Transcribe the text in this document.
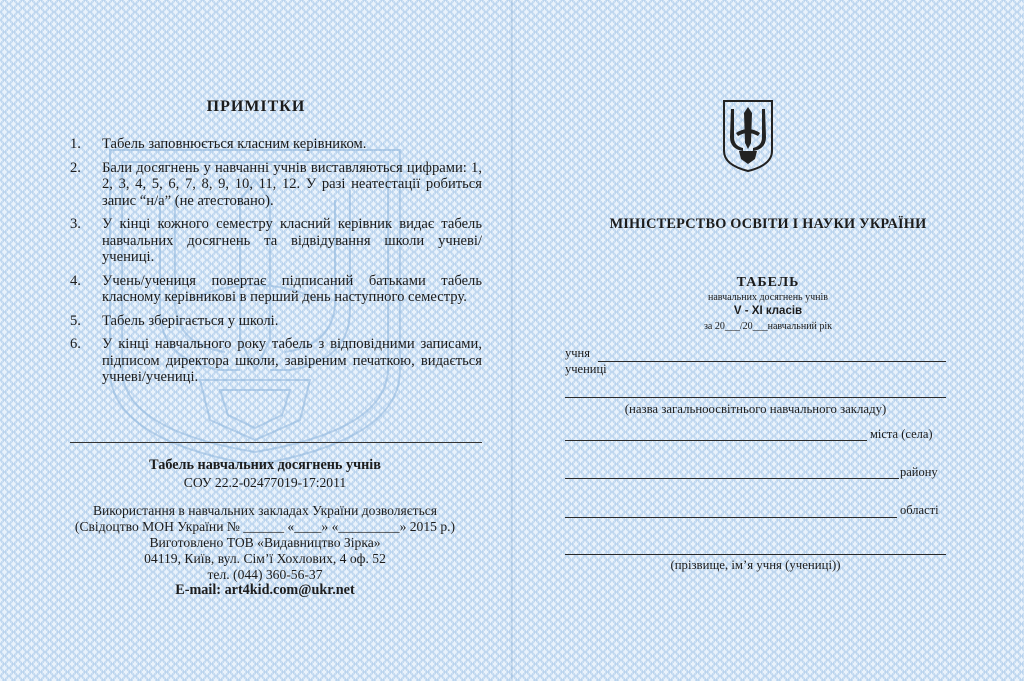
ПРИМІТКИ
1.	Табель заповнюється класним керівником.
2.	Бали досягнень у навчанні учнів виставляються цифрами: 1, 2, 3, 4, 5, 6, 7, 8, 9, 10, 11, 12. У разі неатестації робиться запис “н/а” (не атестовано).
3.	У кінці кожного семестру класний керівник видає табель навчальних досягнень та відвідування школи учневі/учениці.
4.	Учень/учениця повертає підписаний батьками табель класному керівникові в перший день наступного семестру.
5.	Табель зберігається у школі.
6.	У кінці навчального року табель з відповідними записами, підписом директора школи, завіреним печаткою, видається учневі/учениці.
Табель навчальних досягнень учнів
СОУ 22.2-02477019-17:2011
Використання в навчальних закладах України дозволяється
(Свідоцтво МОН України № ______ «____» «_________» 2015 р.)
Виготовлено ТОВ «Видавництво Зірка»
04119, Київ, вул. Сім’ї Хохлових, 4 оф. 52
тел. (044) 360-56-37
E-mail: art4kid.com@ukr.net
МІНІСТЕРСТВО ОСВІТИ І НАУКИ УКРАЇНИ
ТАБЕЛЬ
навчальних досягнень учнів
V - XI класів
за 20___/20___навчальний рік
учня
учениці
(назва загальноосвітнього навчального закладу)
міста (села)
району
області
(прізвище, ім’я учня (учениці))
